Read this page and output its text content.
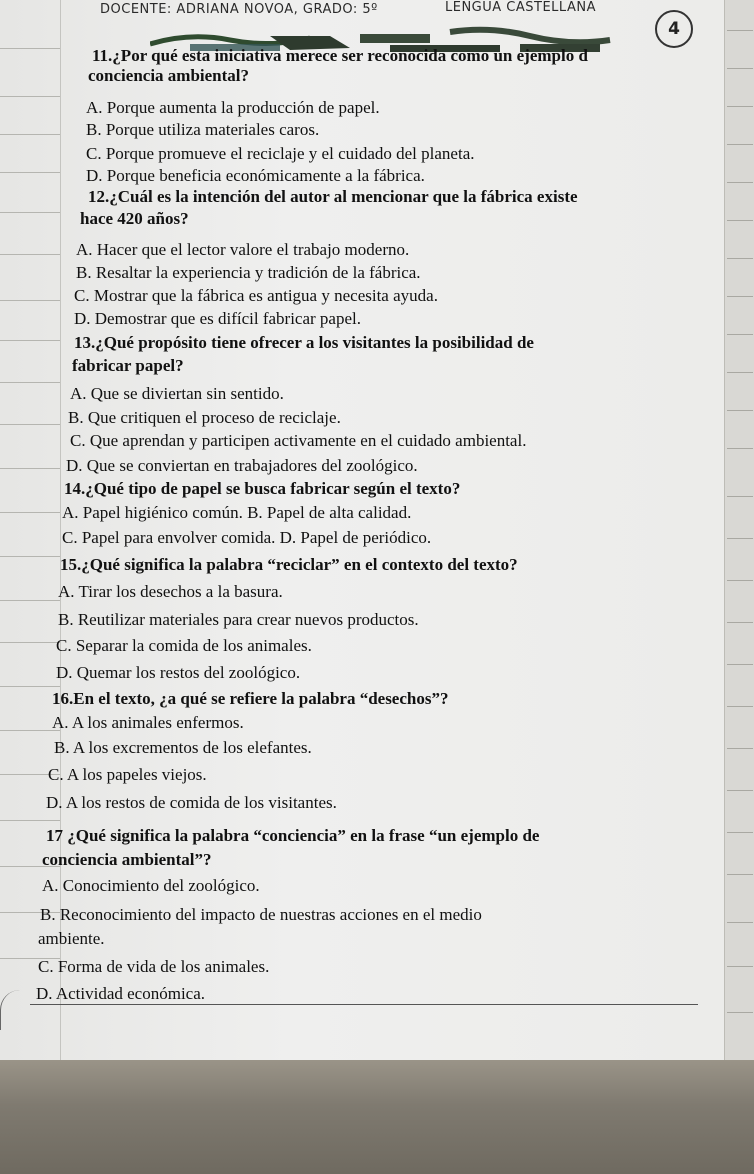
DOCENTE: ADRIANA NOVOA, GRADO: 5º	LENGUA CASTELLANA
4
11.¿Por qué esta iniciativa merece ser reconocida como un ejemplo d
conciencia ambiental?
A. Porque aumenta la producción de papel.
B. Porque utiliza materiales caros.
C. Porque promueve el reciclaje y el cuidado del planeta.
D. Porque beneficia económicamente a la fábrica.
12.¿Cuál es la intención del autor al mencionar que la fábrica existe
hace 420 años?
A. Hacer que el lector valore el trabajo moderno.
B. Resaltar la experiencia y tradición de la fábrica.
C. Mostrar que la fábrica es antigua y necesita ayuda.
D. Demostrar que es difícil fabricar papel.
13.¿Qué propósito tiene ofrecer a los visitantes la posibilidad de
fabricar papel?
A. Que se diviertan sin sentido.
B. Que critiquen el proceso de reciclaje.
C. Que aprendan y participen activamente en el cuidado ambiental.
D. Que se conviertan en trabajadores del zoológico.
14.¿Qué tipo de papel se busca fabricar según el texto?
A. Papel higiénico común. B. Papel de alta calidad.
C. Papel para envolver comida. D. Papel de periódico.
15.¿Qué significa la palabra “reciclar” en el contexto del texto?
A. Tirar los desechos a la basura.
B. Reutilizar materiales para crear nuevos productos.
C. Separar la comida de los animales.
D. Quemar los restos del zoológico.
16.En el texto, ¿a qué se refiere la palabra “desechos”?
A. A los animales enfermos.
B. A los excrementos de los elefantes.
C. A los papeles viejos.
D. A los restos de comida de los visitantes.
17 ¿Qué significa la palabra “conciencia” en la frase “un ejemplo de
conciencia ambiental”?
A. Conocimiento del zoológico.
B. Reconocimiento del impacto de nuestras acciones en el medio
ambiente.
C. Forma de vida de los animales.
D. Actividad económica.
